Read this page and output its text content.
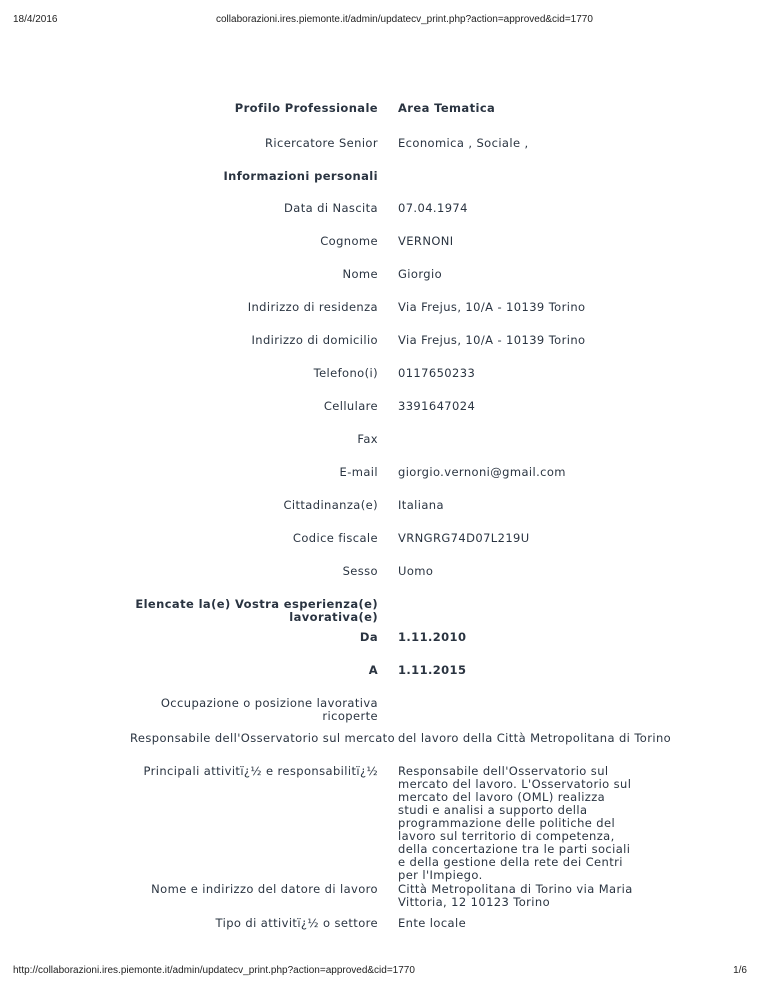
18/4/2016	collaborazioni.ires.piemonte.it/admin/updatecv_print.php?action=approved&cid=1770
Profilo Professionale Area Tematica
Ricercatore Senior Economica , Sociale ,
Informazioni personali
Data di Nascita 07.04.1974
Cognome VERNONI
Nome Giorgio
Indirizzo di residenza Via Frejus, 10/A - 10139 Torino
Indirizzo di domicilio Via Frejus, 10/A - 10139 Torino
Telefono(i) 0117650233
Cellulare 3391647024
Fax
E-mail giorgio.vernoni@gmail.com
Cittadinanza(e) Italiana
Codice fiscale VRNGRG74D07L219U
Sesso Uomo
Elencate la(e) Vostra esperienza(e)
lavorativa(e)
Da 1.11.2010
A 1.11.2015
Occupazione o posizione lavorativa
ricoperte
Responsabile dell'Osservatorio sul mercato del lavoro della Città Metropolitana di Torino
Principali attivitï¿½ e responsabilitï¿½ Responsabile dell'Osservatorio sul mercato del lavoro. L'Osservatorio sul mercato del lavoro (OML) realizza studi e analisi a supporto della programmazione delle politiche del lavoro sul territorio di competenza, della concertazione tra le parti sociali e della gestione della rete dei Centri per l'Impiego.
Nome e indirizzo del datore di lavoro Città Metropolitana di Torino via Maria Vittoria, 12 10123 Torino
Tipo di attivitï¿½ o settore Ente locale
http://collaborazioni.ires.piemonte.it/admin/updatecv_print.php?action=approved&cid=1770	1/6
